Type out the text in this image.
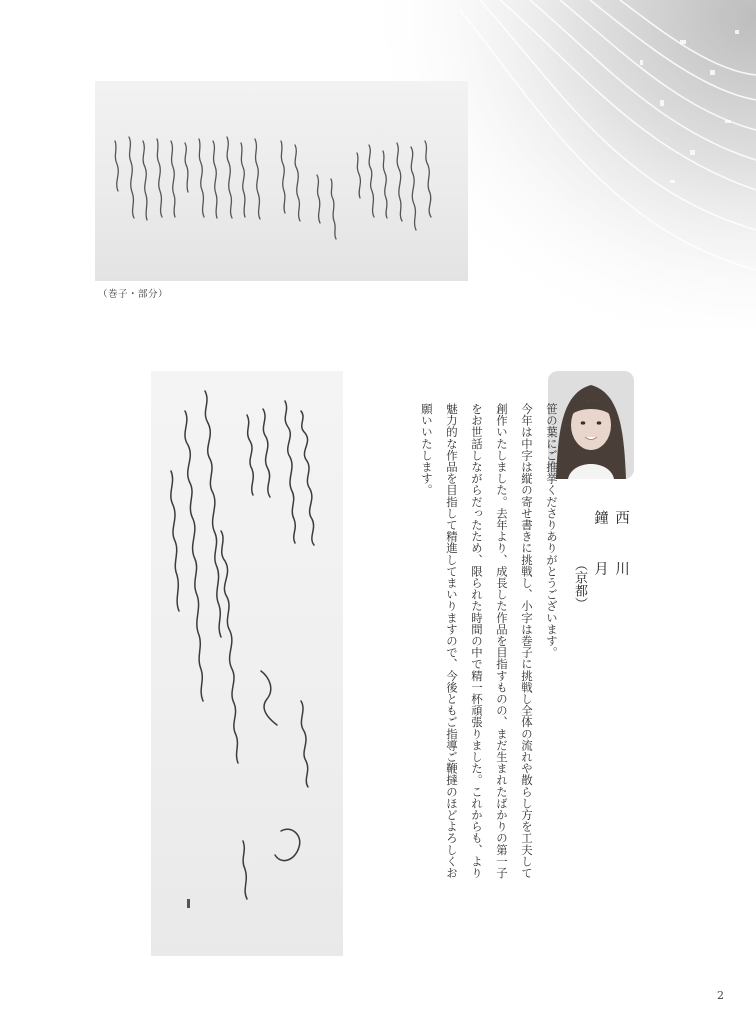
（巻子・部分）
西　川　鐘　月
（京都）

笹の葉にご推挙くださりありがとうございます。

今年は中字は縦の寄せ書きに挑戦し、小字は巻子に挑戦し全体の流れや散らし方を工夫して創作いたしました。去年より、成長した作品を目指すものの、まだ生まれたばかりの第一子をお世話しながらだったため、限られた時間の中で精一杯頑張りました。これからも、より魅力的な作品を目指して精進してまいりますので、今後ともご指導ご鞭撻のほどよろしくお願いいたします。

2
